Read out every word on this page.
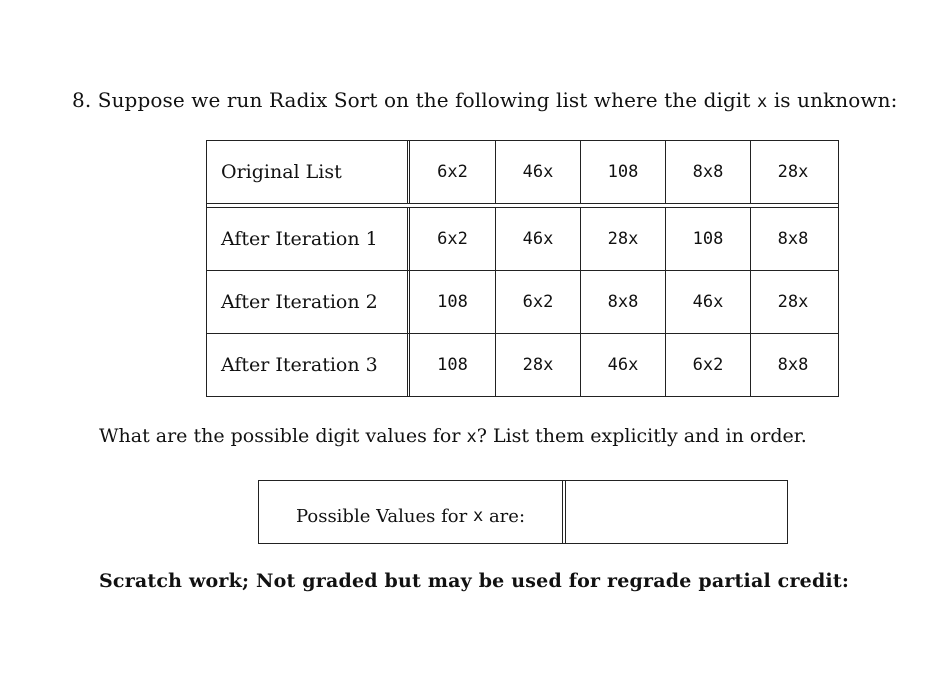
8. Suppose we run Radix Sort on the following list where the digit x is unknown:
Original List	6x2	46x	108	8x8	28x
After Iteration 1	6x2	46x	28x	108	8x8
After Iteration 2	108	6x2	8x8	46x	28x
After Iteration 3	108	28x	46x	6x2	8x8
What are the possible digit values for x? List them explicitly and in order.
Possible Values for
x
are:
Scratch work; Not graded but may be used for regrade partial credit:
